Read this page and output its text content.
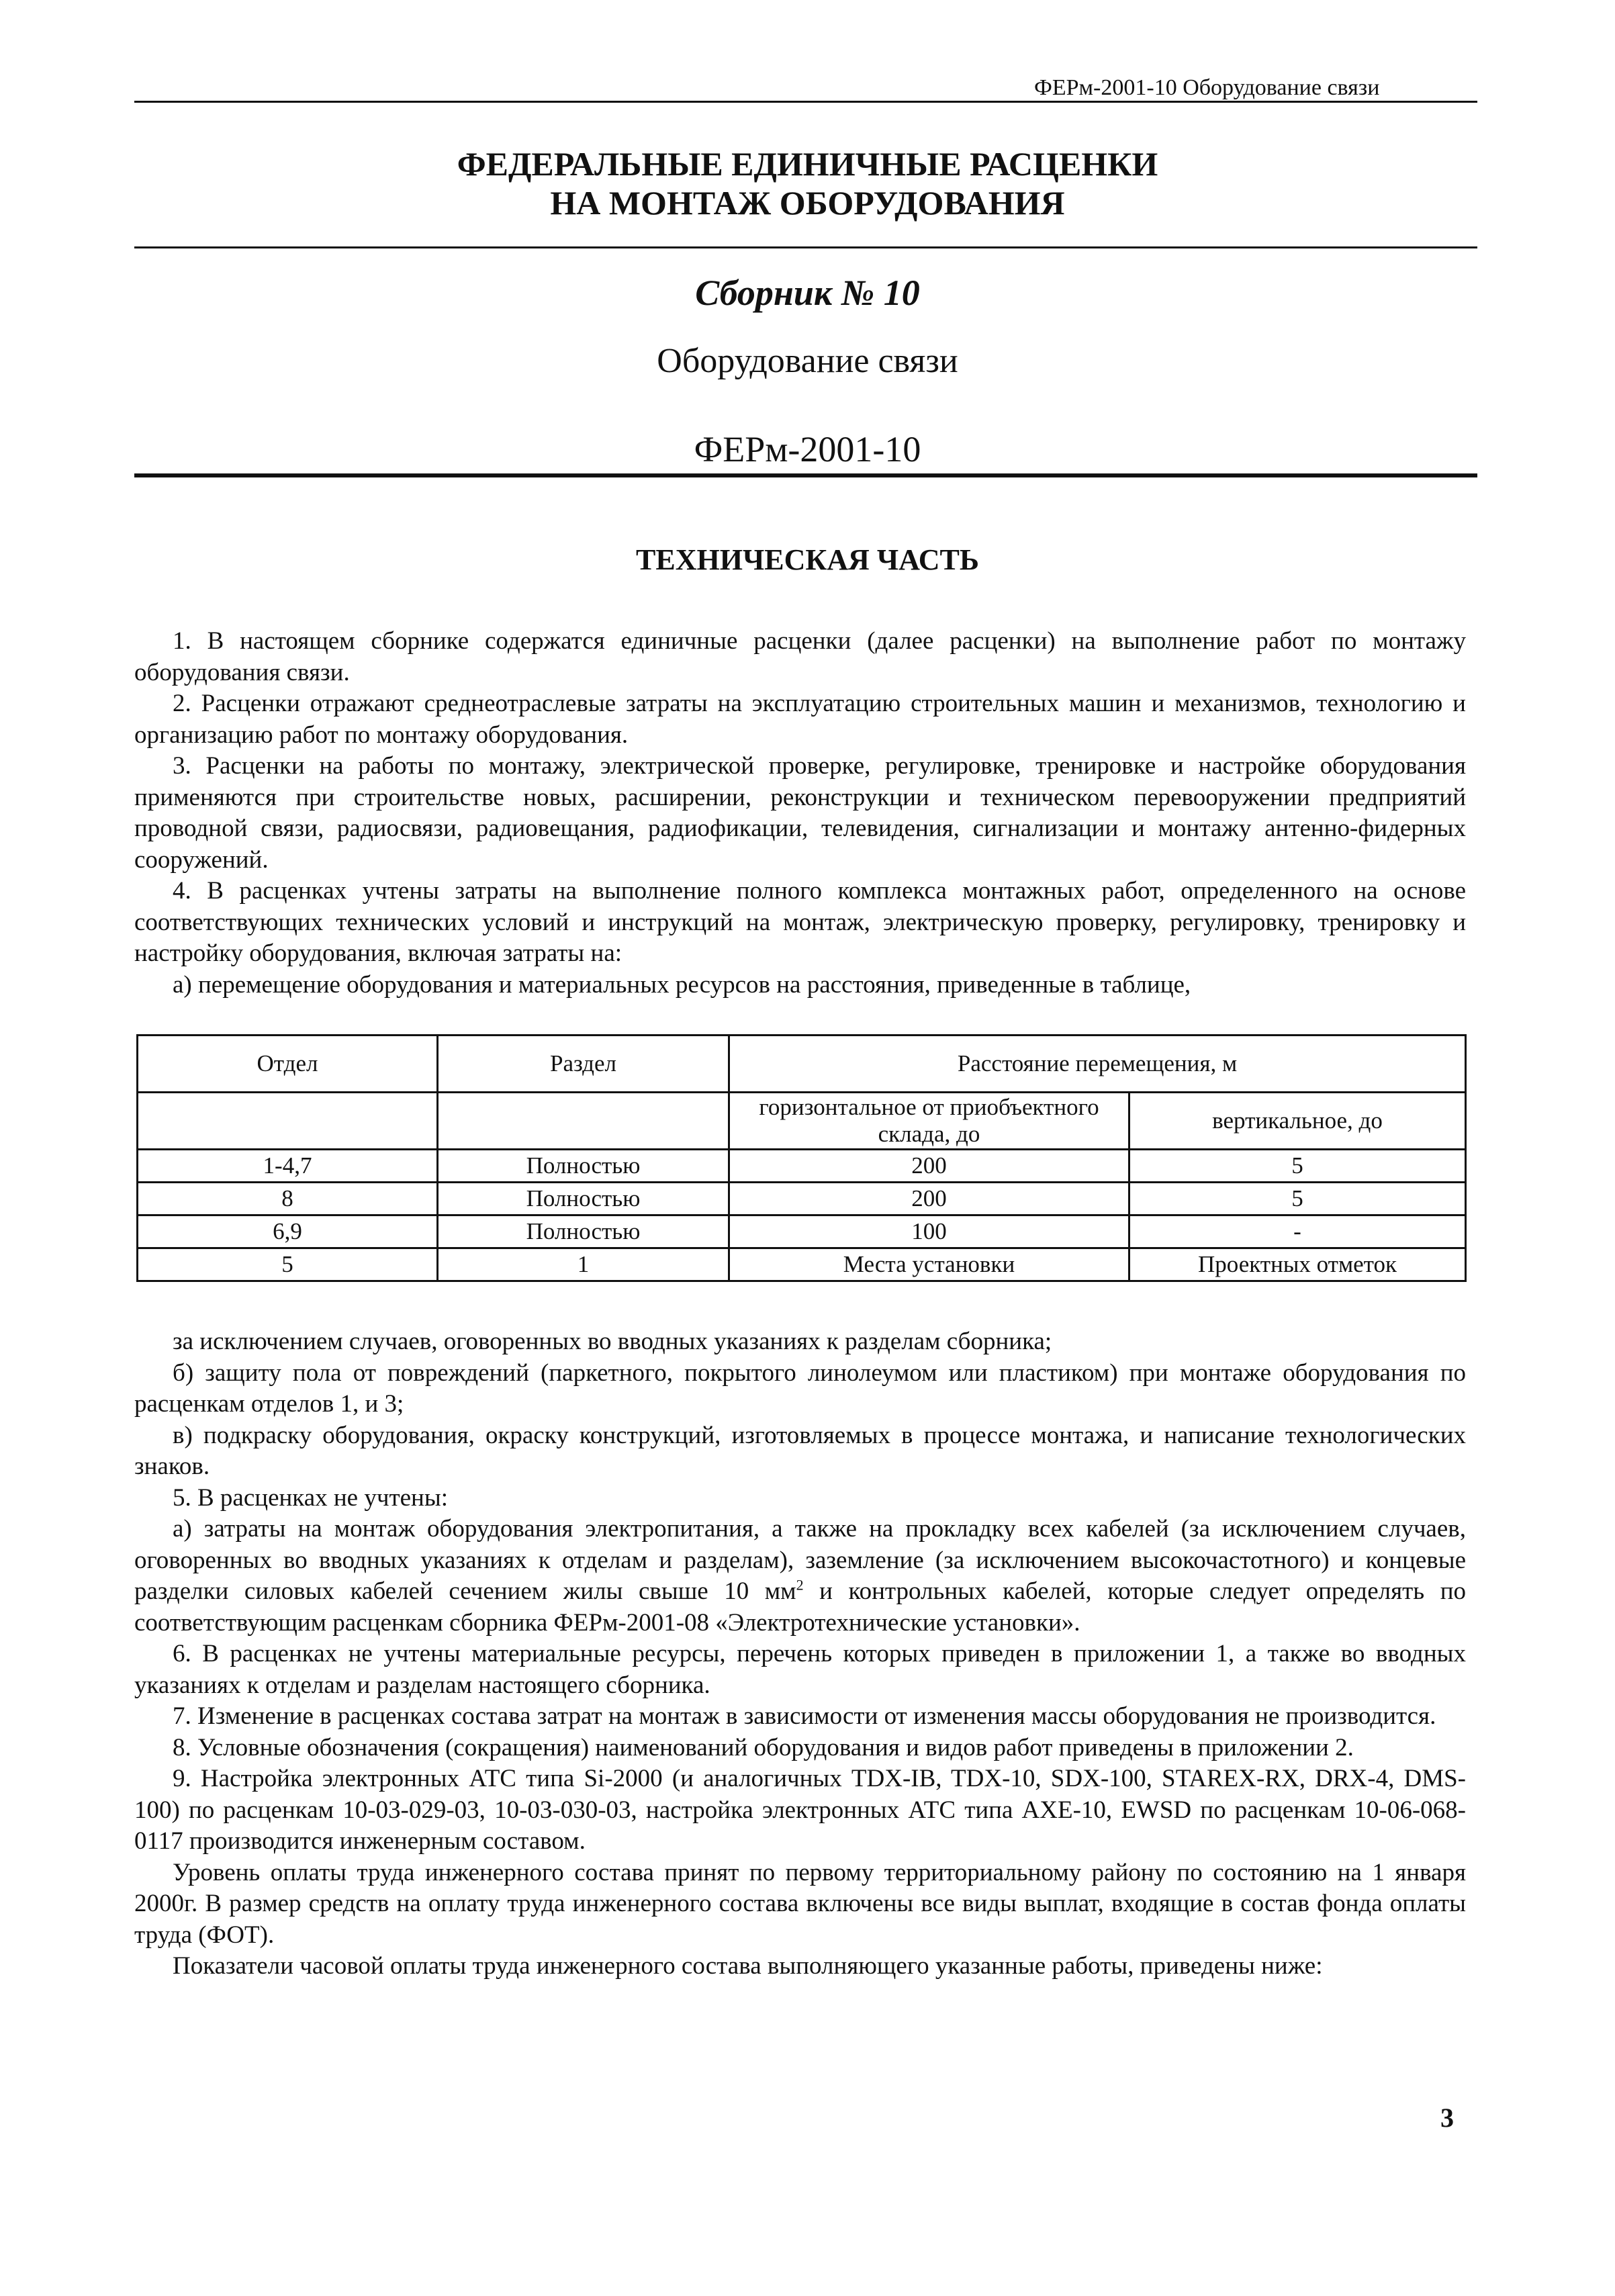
ФЕРм-2001-10 Оборудование связи
ФЕДЕРАЛЬНЫЕ ЕДИНИЧНЫЕ РАСЦЕНКИ
НА МОНТАЖ ОБОРУДОВАНИЯ
Сборник № 10
Оборудование связи
ФЕРм-2001-10
ТЕХНИЧЕСКАЯ ЧАСТЬ

1. В настоящем сборнике содержатся единичные расценки (далее расценки) на выполнение работ по монтажу оборудования связи.

2. Расценки отражают среднеотраслевые затраты на эксплуатацию строительных машин и механизмов, технологию и организацию работ по монтажу оборудования.

3. Расценки на работы по монтажу, электрической проверке, регулировке, тренировке и настройке оборудования применяются при строительстве новых, расширении, реконструкции и техническом перевооружении предприятий проводной связи, радиосвязи, радиовещания, радиофикации, телевидения, сигнализации и монтажу антенно-фидерных сооружений.

4. В расценках учтены затраты на выполнение полного комплекса монтажных работ, определенного на основе соответствующих технических условий и инструкций на монтаж, электрическую проверку, регулировку, тренировку и настройку оборудования, включая затраты на:

а) перемещение оборудования и материальных ресурсов на расстояния, приведенные в таблице,

Отдел	Раздел	Расстояние перемещения, м	
		горизонтальное от приобъектного склада, до	вертикальное, до
1-4,7	Полностью	200	5
8	Полностью	200	5
6,9	Полностью	100	-
5	1	Места установки	Проектных отметок

за исключением случаев, оговоренных во вводных указаниях к разделам сборника;

б) защиту пола от повреждений (паркетного, покрытого линолеумом или пластиком) при монтаже оборудования по расценкам отделов 1, и 3;

в) подкраску оборудования, окраску конструкций, изготовляемых в процессе монтажа, и написание технологических знаков.

5. В расценках не учтены:

а) затраты на монтаж оборудования электропитания, а также на прокладку всех кабелей (за исключением случаев, оговоренных во вводных указаниях к отделам и разделам), заземление (за исключением высокочастотного) и концевые разделки силовых кабелей сечением жилы свыше 10 $мм^2$ и контрольных кабелей, которые следует определять по соответствующим расценкам сборника ФЕРм-2001-08 «Электротехнические установки».

6. В расценках не учтены материальные ресурсы, перечень которых приведен в приложении 1, а также во вводных указаниях к отделам и разделам настоящего сборника.

7. Изменение в расценках состава затрат на монтаж в зависимости от изменения массы оборудования не производится.

8. Условные обозначения (сокращения) наименований оборудования и видов работ приведены в приложении 2.

9. Настройка электронных АТС типа Si-2000 (и аналогичных TDX-IB, TDX-10, SDX-100, STAREX-RX, DRX-4, DMS-100) по расценкам 10-03-029-03, 10-03-030-03, настройка электронных АТС типа AXE-10, EWSD по расценкам 10-06-068-0117 производится инженерным составом.

Уровень оплаты труда инженерного состава принят по первому территориальному району по состоянию на 1 января 2000г. В размер средств на оплату труда инженерного состава включены все виды выплат, входящие в состав фонда оплаты труда (ФОТ).

Показатели часовой оплаты труда инженерного состава выполняющего указанные работы, приведены ниже:

3
